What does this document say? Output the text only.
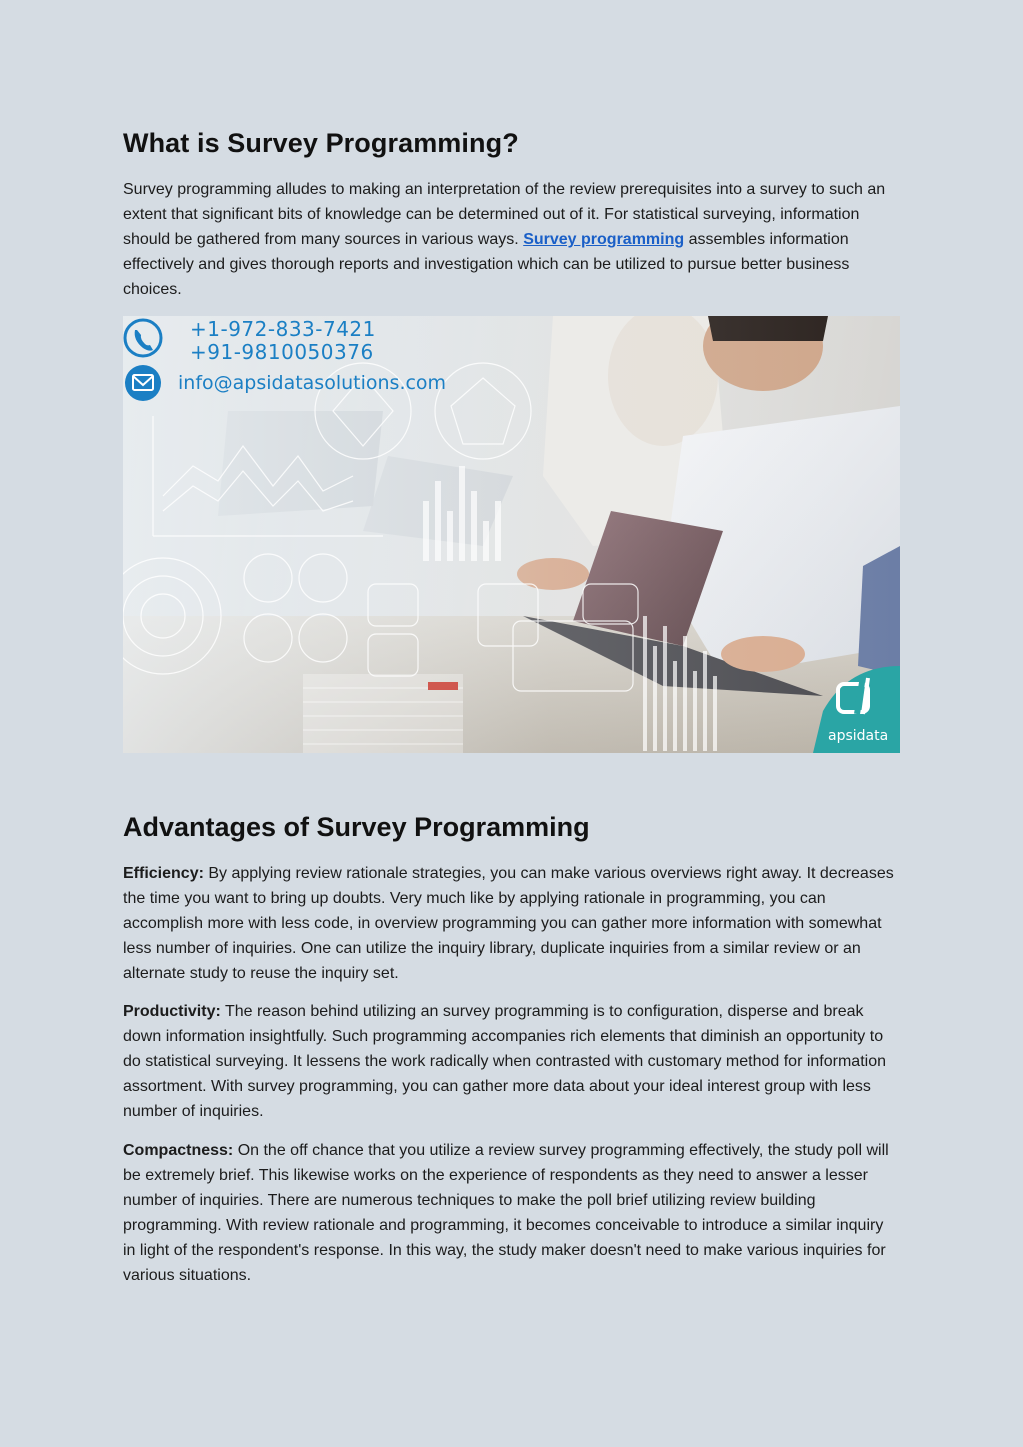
What is Survey Programming?

Survey programming alludes to making an interpretation of the review prerequisites into a survey to such an extent that significant bits of knowledge can be determined out of it. For statistical surveying, information should be gathered from many sources in various ways. Survey programming assembles information effectively and gives thorough reports and investigation which can be utilized to pursue better business choices.

+1-972-833-7421
+91-9810050376
info@apsidatasolutions.com
apsidata
Advantages of Survey Programming

Efficiency: By applying review rationale strategies, you can make various overviews right away. It decreases the time you want to bring up doubts. Very much like by applying rationale in programming, you can accomplish more with less code, in overview programming you can gather more information with somewhat less number of inquiries. One can utilize the inquiry library, duplicate inquiries from a similar review or an alternate study to reuse the inquiry set.

Productivity: The reason behind utilizing an survey programming is to configuration, disperse and break down information insightfully. Such programming accompanies rich elements that diminish an opportunity to do statistical surveying. It lessens the work radically when contrasted with customary method for information assortment. With survey programming, you can gather more data about your ideal interest group with less number of inquiries.

Compactness: On the off chance that you utilize a review survey programming effectively, the study poll will be extremely brief. This likewise works on the experience of respondents as they need to answer a lesser number of inquiries. There are numerous techniques to make the poll brief utilizing review building programming. With review rationale and programming, it becomes conceivable to introduce a similar inquiry in light of the respondent's response. In this way, the study maker doesn't need to make various inquiries for various situations.
